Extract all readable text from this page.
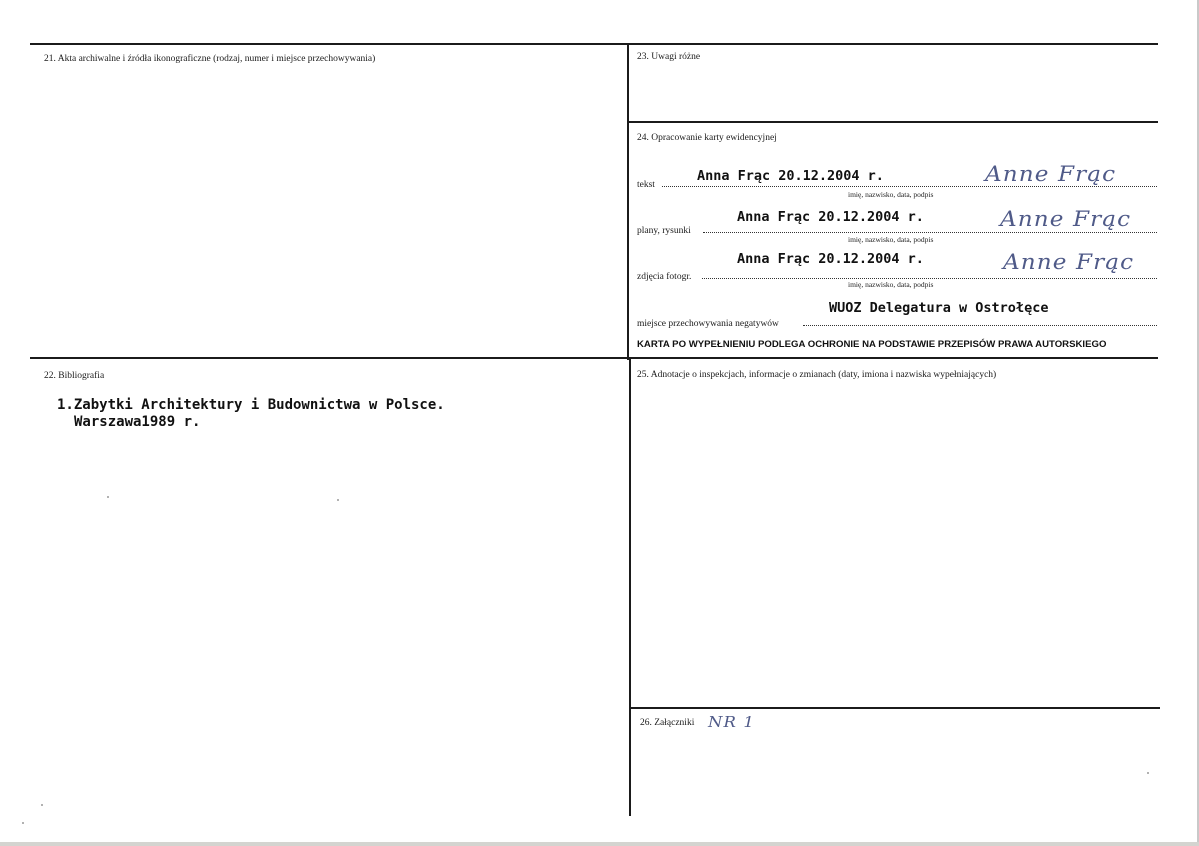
21. Akta archiwalne i źródła ikonograficzne (rodzaj, numer i miejsce przechowywania)	23. Uwagi różne
24. Opracowanie karty ewidencyjnej
tekst
Anna Frąc 20.12.2004 r.	Anne Frąc
imię, nazwisko, data, podpis
plany, rysunki
Anna Frąc 20.12.2004 r.	Anne Frąc
imię, nazwisko, data, podpis
zdjęcia fotogr.
Anna Frąc 20.12.2004 r.	Anne Frąc
imię, nazwisko, data, podpis
miejsce przechowywania negatywów
WUOZ Delegatura w Ostrołęce
KARTA PO WYPEŁNIENIU PODLEGA OCHRONIE NA PODSTAWIE PRZEPISÓW PRAWA AUTORSKIEGO
22. Bibliografia
1.Zabytki Architektury i Budownictwa w Polsce.
Warszawa1989 r.
25. Adnotacje o inspekcjach, informacje o zmianach (daty, imiona i nazwiska wypełniających)
26. Załączniki NR 1
